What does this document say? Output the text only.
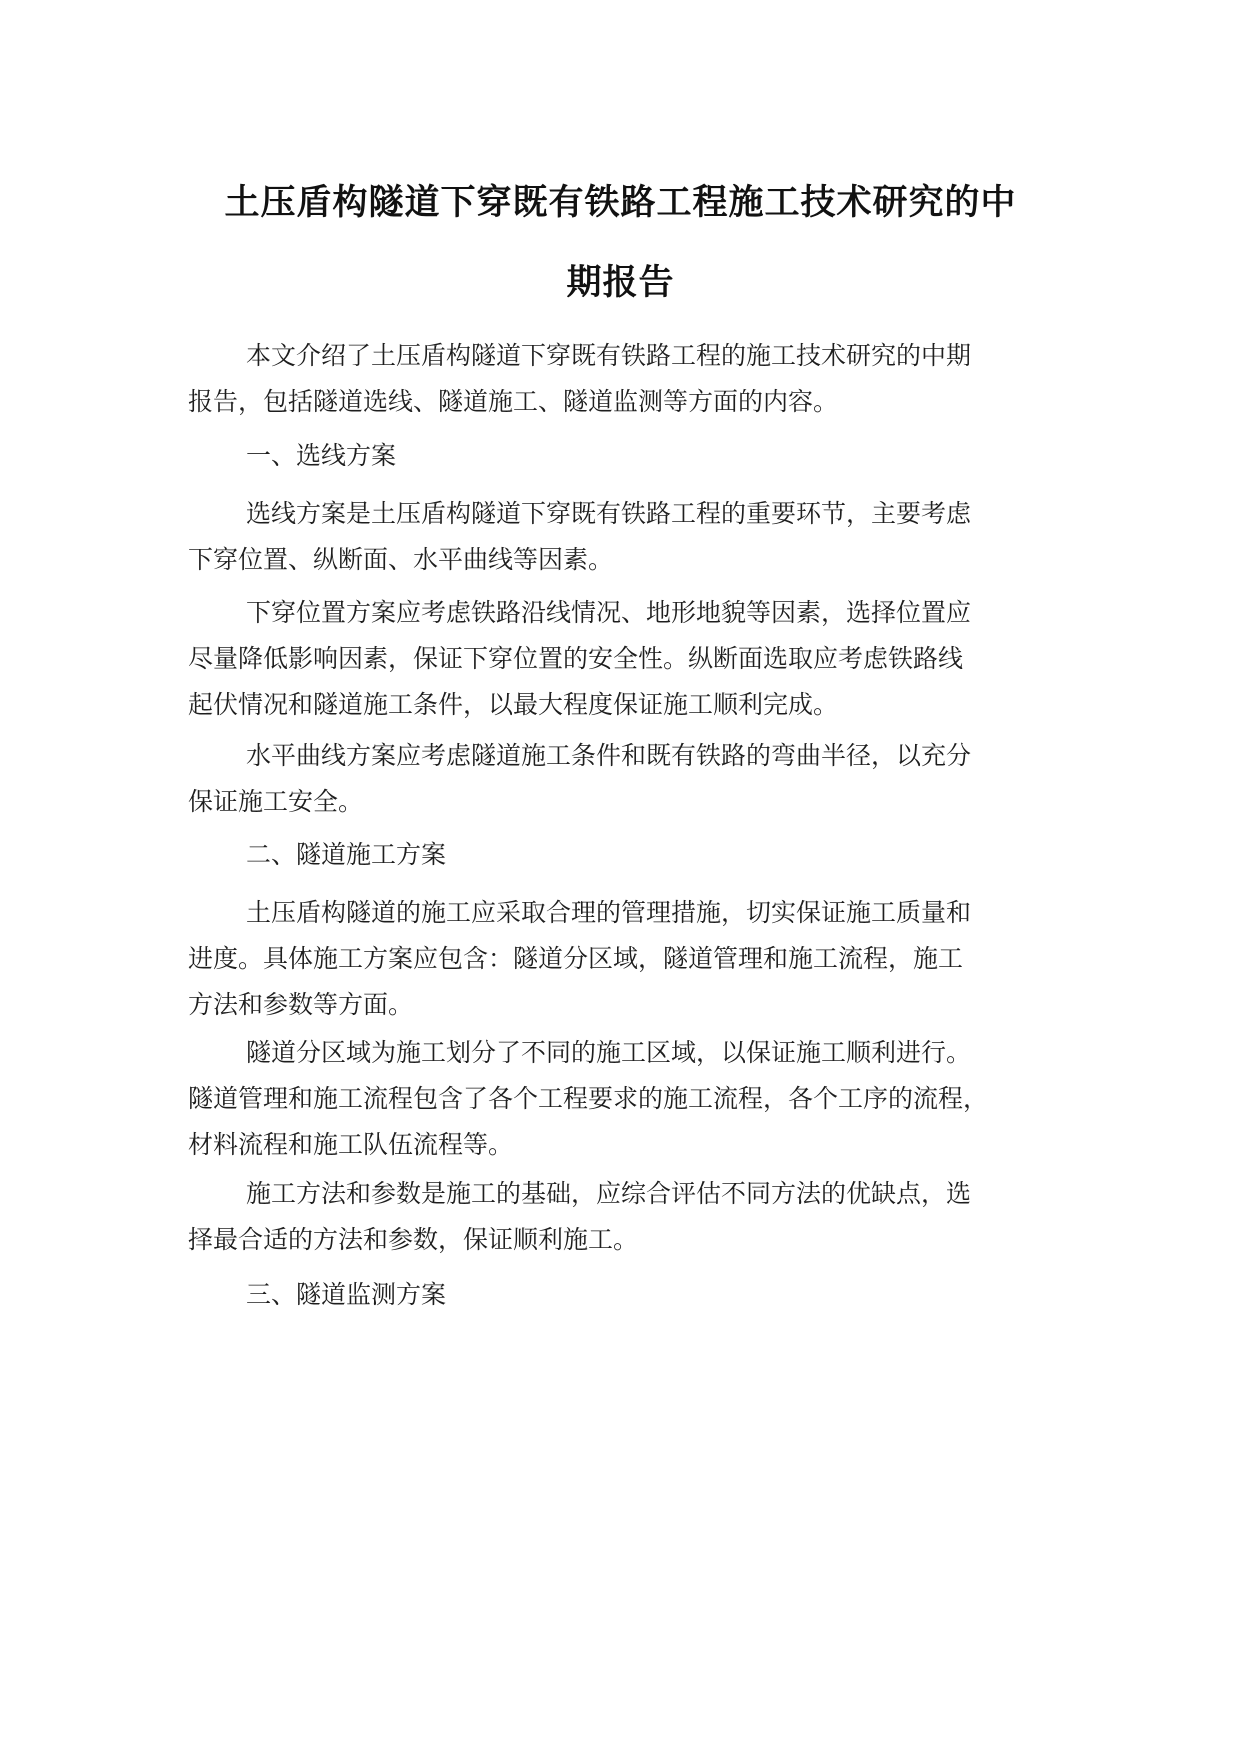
土压盾构隧道下穿既有铁路工程施工技术研究的中
期报告
本文介绍了土压盾构隧道下穿既有铁路工程的施工技术研究的中期
报告，包括隧道选线、隧道施工、隧道监测等方面的内容。
一、选线方案
选线方案是土压盾构隧道下穿既有铁路工程的重要环节，主要考虑
下穿位置、纵断面、水平曲线等因素。
下穿位置方案应考虑铁路沿线情况、地形地貌等因素，选择位置应
尽量降低影响因素，保证下穿位置的安全性。纵断面选取应考虑铁路线
起伏情况和隧道施工条件，以最大程度保证施工顺利完成。
水平曲线方案应考虑隧道施工条件和既有铁路的弯曲半径，以充分
保证施工安全。
二、隧道施工方案
土压盾构隧道的施工应采取合理的管理措施，切实保证施工质量和
进度。具体施工方案应包含：隧道分区域，隧道管理和施工流程，施工
方法和参数等方面。
隧道分区域为施工划分了不同的施工区域，以保证施工顺利进行。
隧道管理和施工流程包含了各个工程要求的施工流程，各个工序的流程，
材料流程和施工队伍流程等。
施工方法和参数是施工的基础，应综合评估不同方法的优缺点，选
择最合适的方法和参数，保证顺利施工。
三、隧道监测方案
